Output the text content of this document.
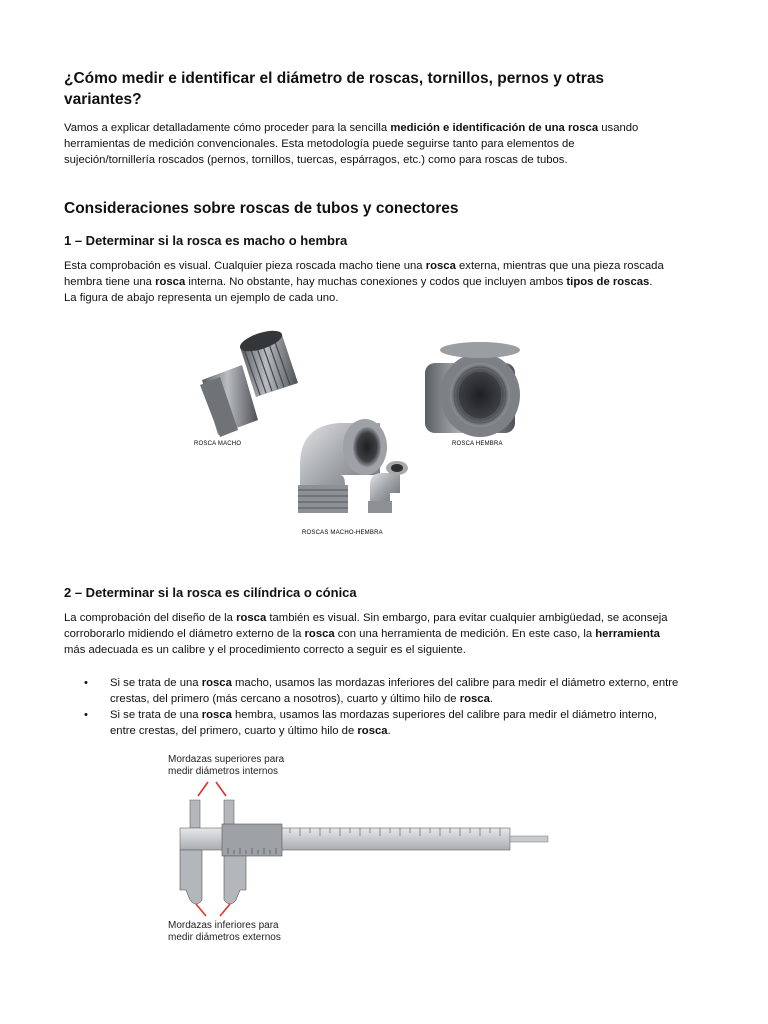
¿Cómo medir e identificar el diámetro de roscas, tornillos, pernos y otras variantes?
Vamos a explicar detalladamente cómo proceder para la sencilla medición e identificación de una rosca usando herramientas de medición convencionales. Esta metodología puede seguirse tanto para elementos de sujeción/tornillería roscados (pernos, tornillos, tuercas, espárragos, etc.) como para roscas de tubos.
Consideraciones sobre roscas de tubos y conectores
1 – Determinar si la rosca es macho o hembra
Esta comprobación es visual. Cualquier pieza roscada macho tiene una rosca externa, mientras que una pieza roscada hembra tiene una rosca interna. No obstante, hay muchas conexiones y codos que incluyen ambos tipos de roscas. La figura de abajo representa un ejemplo de cada uno.
ROSCA MACHO	ROSCA HEMBRA
ROSCAS MACHO-HEMBRA
2 – Determinar si la rosca es cilíndrica o cónica
La comprobación del diseño de la rosca también es visual. Sin embargo, para evitar cualquier ambigüedad, se aconseja corroborarlo midiendo el diámetro externo de la rosca con una herramienta de medición. En este caso, la herramienta más adecuada es un calibre y el procedimiento correcto a seguir es el siguiente.
• Si se trata de una rosca macho, usamos las mordazas inferiores del calibre para medir el diámetro externo, entre crestas, del primero (más cercano a nosotros), cuarto y último hilo de rosca.
• Si se trata de una rosca hembra, usamos las mordazas superiores del calibre para medir el diámetro interno, entre crestas, del primero, cuarto y último hilo de rosca.
Mordazas superiores para
medir diámetros internos
Mordazas inferiores para
medir diámetros externos
